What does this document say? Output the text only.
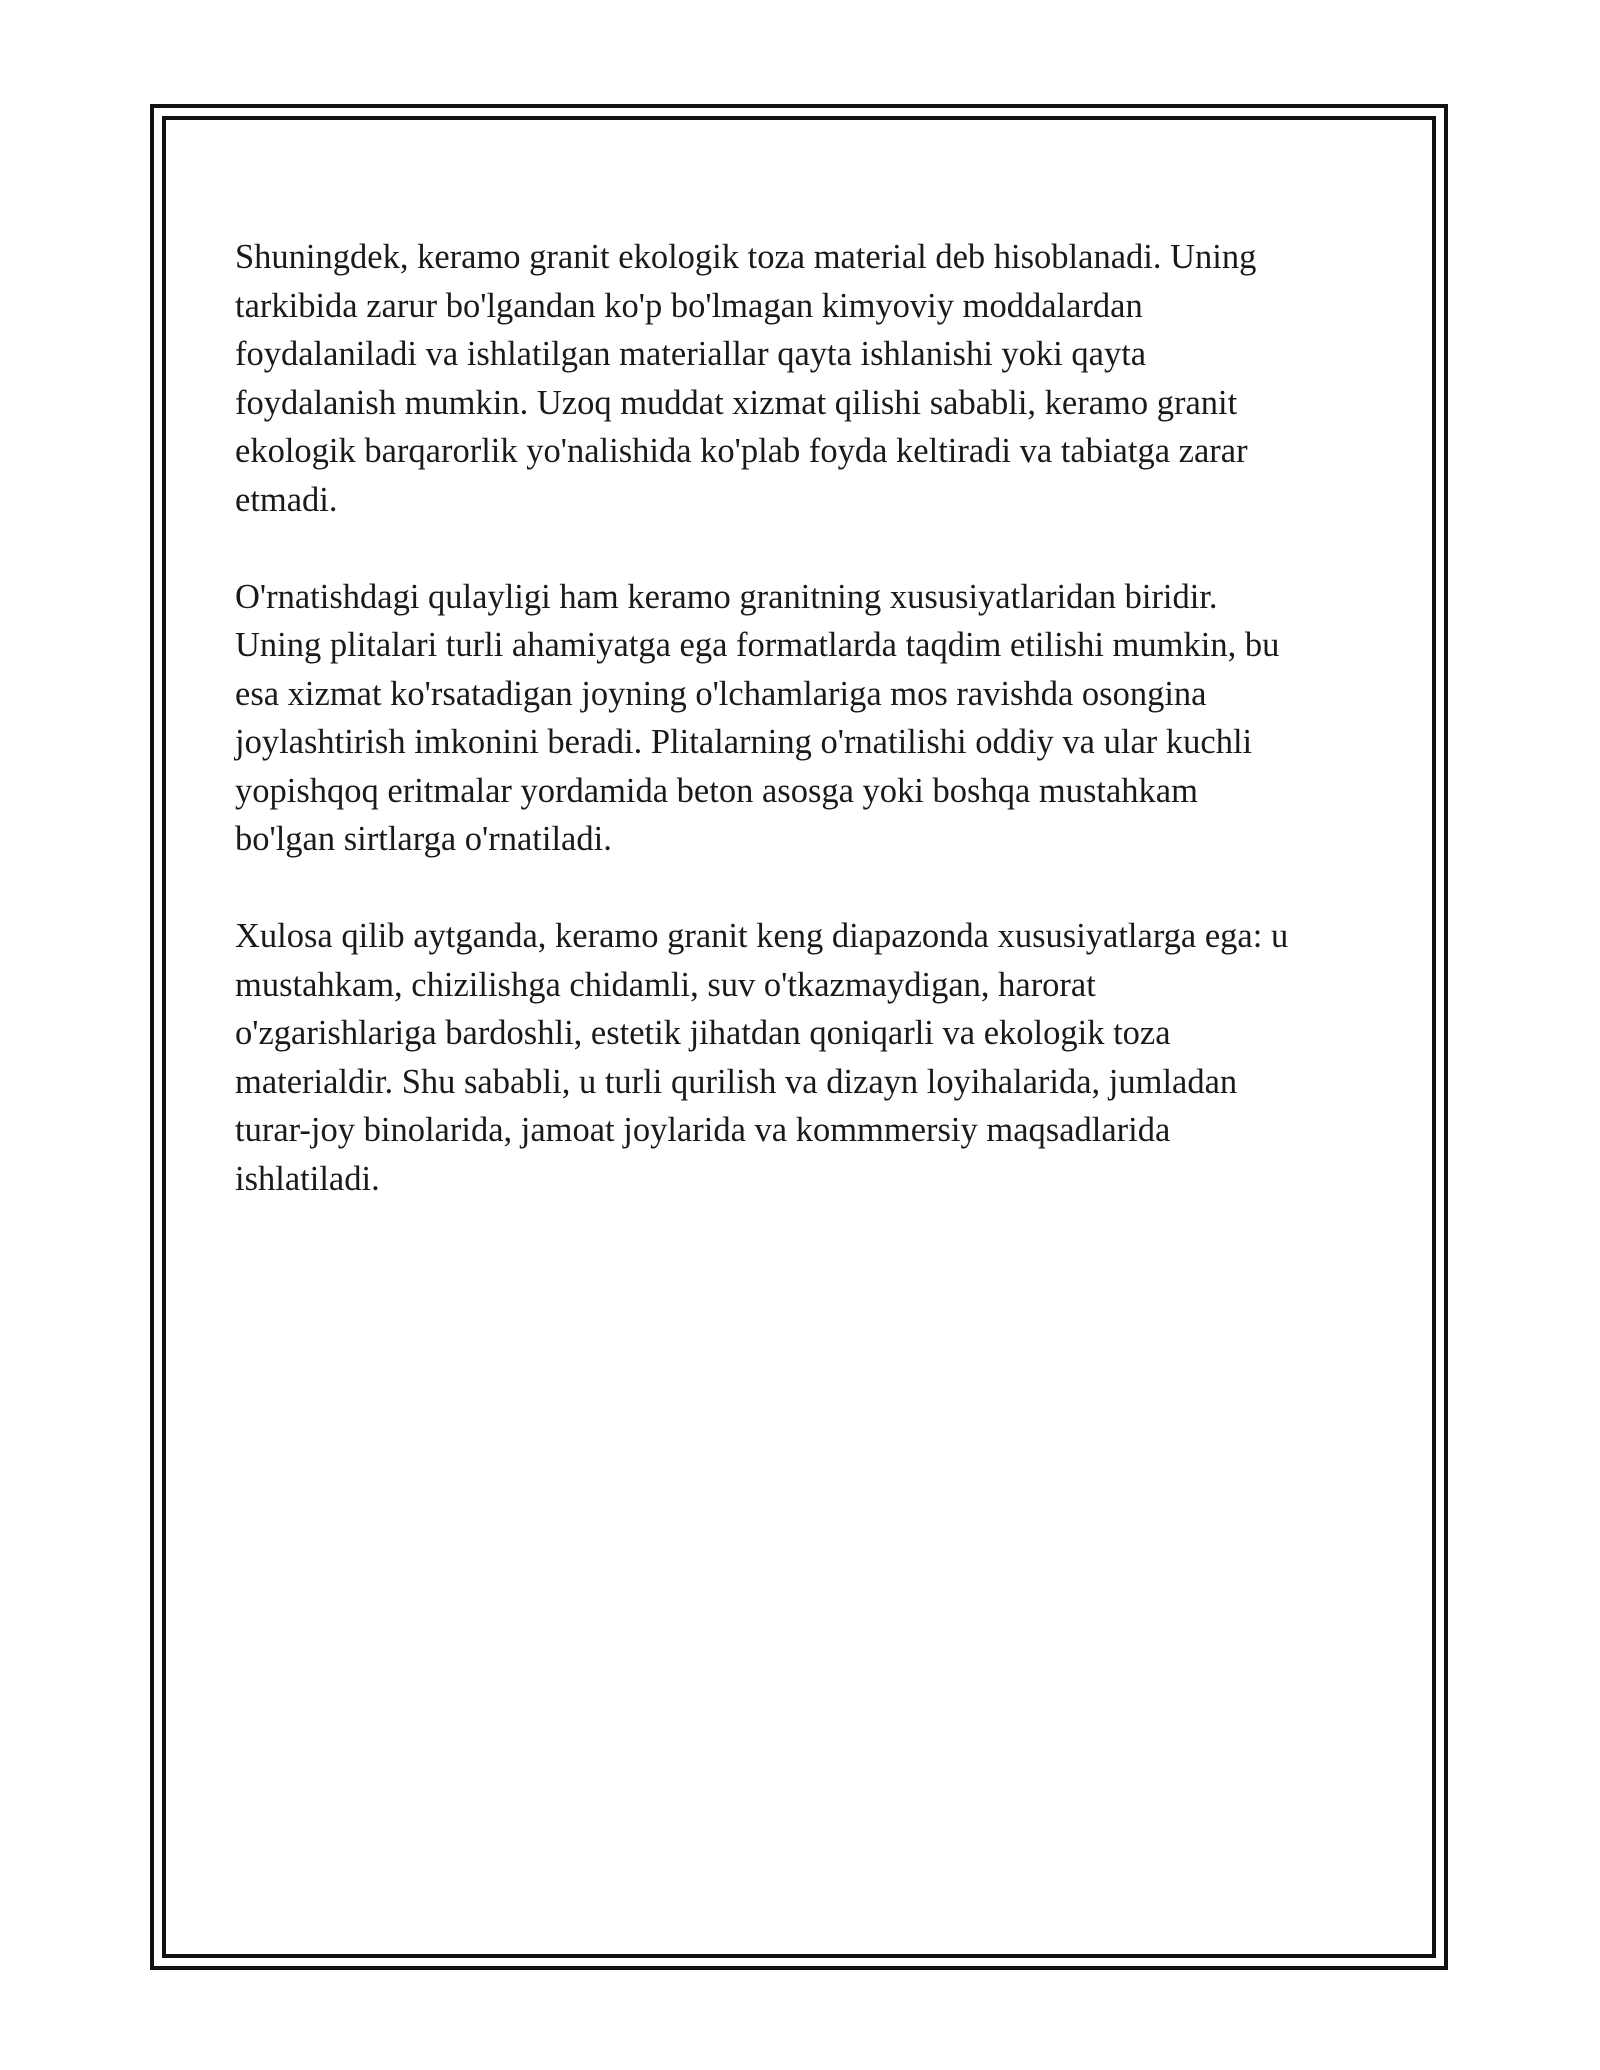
Shuningdek, keramo granit ekologik toza material deb hisoblanadi. Uning
tarkibida zarur bo'lgandan ko'p bo'lmagan kimyoviy moddalardan
foydalaniladi va ishlatilgan materiallar qayta ishlanishi yoki qayta
foydalanish mumkin. Uzoq muddat xizmat qilishi sababli, keramo granit
ekologik barqarorlik yo'nalishida ko'plab foyda keltiradi va tabiatga zarar
etmadi.

O'rnatishdagi qulayligi ham keramo granitning xususiyatlaridan biridir.
Uning plitalari turli ahamiyatga ega formatlarda taqdim etilishi mumkin, bu
esa xizmat ko'rsatadigan joyning o'lchamlariga mos ravishda osongina
joylashtirish imkonini beradi. Plitalarning o'rnatilishi oddiy va ular kuchli
yopishqoq eritmalar yordamida beton asosga yoki boshqa mustahkam
bo'lgan sirtlarga o'rnatiladi.

Xulosa qilib aytganda, keramo granit keng diapazonda xususiyatlarga ega: u
mustahkam, chizilishga chidamli, suv o'tkazmaydigan, harorat
o'zgarishlariga bardoshli, estetik jihatdan qoniqarli va ekologik toza
materialdir. Shu sababli, u turli qurilish va dizayn loyihalarida, jumladan
turar-joy binolarida, jamoat joylarida va kommmersiy maqsadlarida
ishlatiladi.
